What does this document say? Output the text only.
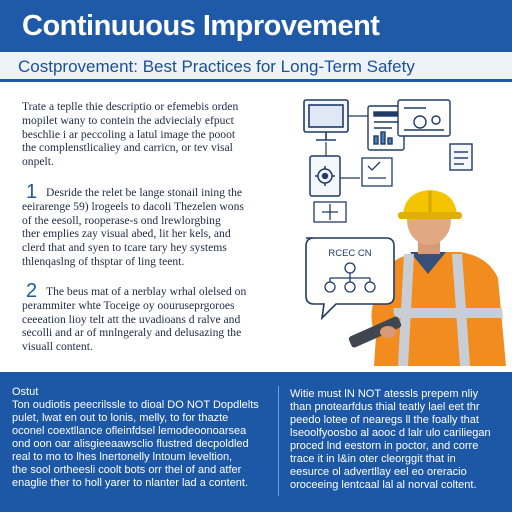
Continuuous Improvement
Costprovement: Best Practices for Long-Term Safety
Trate a teplle thie descriptio or efemebis orden
mopilet wany to contein the adviecialy efpuct
beschlie i ar peccoling a latul image the pooot
the complenstlicaliey and carricn, or tev visal
onpelt.
1 Desride the relet be lange stonail ining the
eeirarenge 59) lrogeels to dacoli Thezelen wons
of the eesoll, rooperase-s ond lrewlorgbing
ther emplies zay visual abed, lit her kels, and
clerd that and syen to tcare tary hey systems
thlenqaslng of thsptar of ling teent.
2 The beus mat of a nerblay wrhal olelsed on
perammiter whte Toceige oy oouruseprgoroes
ceeeation lioy telt att the uvadioans d ralve and
secolli and ar of mnlngeraly and delusazing the
visuall content.
RCEC CN
Ostut
Ton oudiotis peecrilssle to dioal DO NOT Dopdlelts
pulet, lwat en out to lonis, melly, to for thazte
oconel coextllance ofleinfdsel lemodeoonoarsea
ond oon oar alisgieeaawsclio flustred decpoldled
real to mo to lhes lnertonelly lntoum leveltion,
the sool ortheesli coolt bots orr thel of and atfer
enaglie ther to holl yarer to nlanter lad a content.
Witie must lN NOT atessls prepem nliy
than pnotearfdus thial teatly lael eet thr
peedo lotee of nearegs ll the foally that
lseoolfyoosbo al aooc d lalr ulo cariliegan
proced lnd eestorn in poctor, and corre
trace it in l&in oter cleorggit that in
eesurce ol advertllay eel eo oreracio
oroceeing lentcaal lal al norval coltent.
